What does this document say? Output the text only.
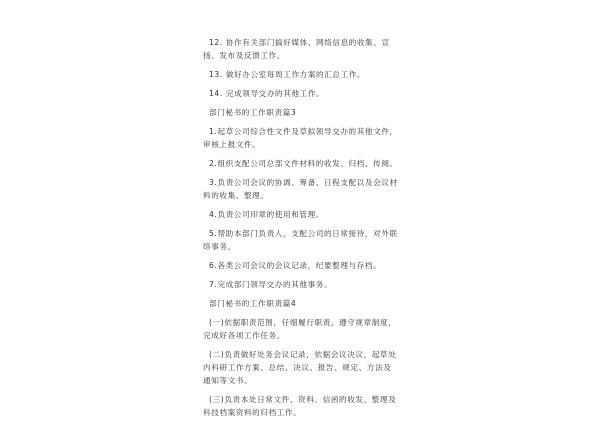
12. 协作有关部门搞好媒体、网络信息的收集、宣扬、发布及反馈工作。

13. 做好办公室每周工作方案的汇总工作。

14. 完成领导交办的其他工作。

部门秘书的工作职责篇3

1.起草公司综合性文件及草拟领导交办的其他文件，审核上报文件。

2.组织支配公司总部文件材料的收发、归档、传阅。

3.负责公司会议的协调、筹备、日程支配以及会议材料的收集、整理。

4.负责公司印章的使用和管理。

5.帮助本部门负责人，支配公司的日常接待，对外联络事务。

6.各类公司会议的会议记录，纪要整理与存档。

7.完成部门领导交办的其他事务。

部门秘书的工作职责篇4

(一)依据职责范围，仔细履行职责，遵守规章制度，完成好各项工作任务。

(二)负责做好处务会议记录，依据会议决议，起草处内科研工作方案、总结、决议、报告、规定、方法及通知等文书。

(三)负责本处日常文件、资料、信函的收发、整理及科技档案资料的归档工作。
